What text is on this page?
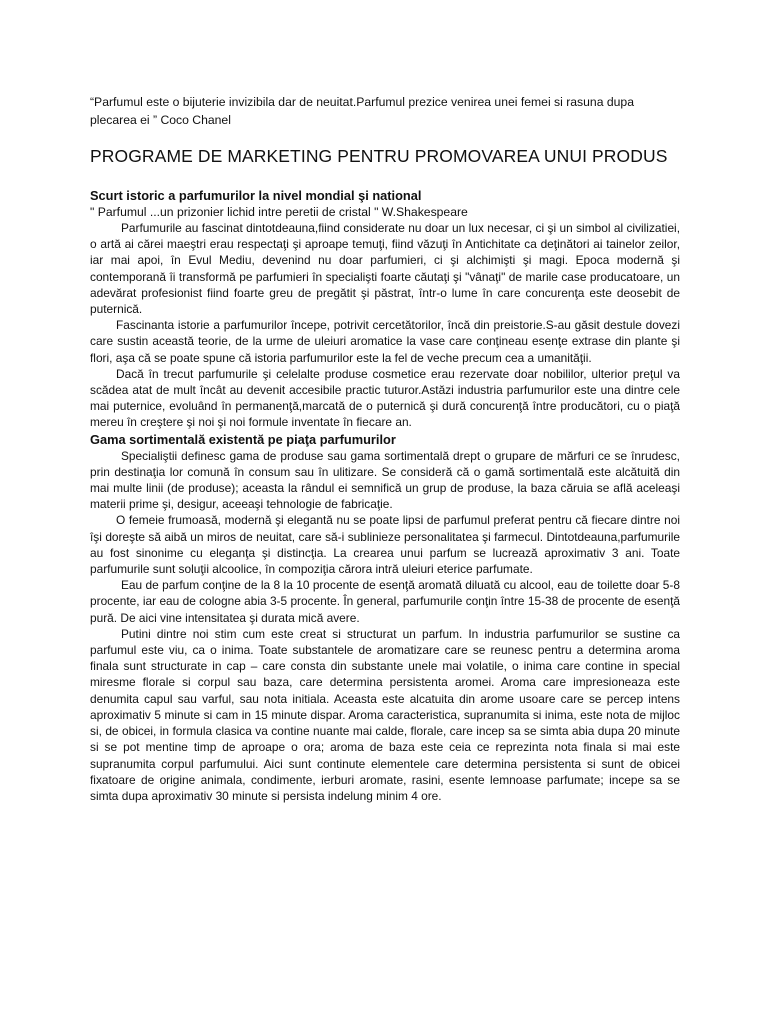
“Parfumul este o bijuterie invizibila dar de neuitat.Parfumul prezice venirea unei femei si rasuna dupa plecarea ei ” Coco Chanel

PROGRAME DE MARKETING PENTRU PROMOVAREA UNUI PRODUS
Scurt istoric a parfumurilor la nivel mondial şi national

" Parfumul ...un prizonier lichid intre peretii de cristal " W.Shakespeare

Parfumurile au fascinat dintotdeauna,fiind considerate nu doar un lux necesar, ci şi un simbol al civilizatiei, o artă ai cărei maeştri erau respectaţi şi aproape temuţi, fiind văzuţi în Antichitate ca deţinători ai tainelor zeilor, iar mai apoi, în Evul Mediu, devenind nu doar parfumieri, ci şi alchimişti şi magi. Epoca modernă şi contemporană îi transformă pe parfumieri în specialişti foarte căutaţi şi "vânaţi" de marile case producatoare, un adevărat profesionist fiind foarte greu de pregătit şi păstrat, într-o lume în care concurenţa este deosebit de puternică.

Fascinanta istorie a parfumurilor începe, potrivit cercetătorilor, încă din preistorie.S-au găsit destule dovezi care sustin această teorie, de la urme de uleiuri aromatice la vase care conţineau esenţe extrase din plante şi flori, aşa că se poate spune că istoria parfumurilor este la fel de veche precum cea a umanităţii.

Dacă în trecut parfumurile şi celelalte produse cosmetice erau rezervate doar nobililor, ulterior preţul va scădea atat de mult încât au devenit accesibile practic tuturor.Astăzi industria parfumurilor este una dintre cele mai puternice, evoluând în permanenţă,marcată de o puternică şi dură concurenţă între producători, cu o piaţă mereu în creştere şi noi şi noi formule inventate în fiecare an.

Gama sortimentală existentă pe piaţa parfumurilor

Specialiştii definesc gama de produse sau gama sortimentală drept o grupare de mărfuri ce se înrudesc, prin destinaţia lor comună în consum sau în ulitizare. Se consideră că o gamă sortimentală este alcătuită din mai multe linii (de produse); aceasta la rândul ei semnifică un grup de produse, la baza căruia se află aceleaşi materii prime şi, desigur, aceeaşi tehnologie de fabricaţie.

O femeie frumoasă, modernă şi elegantă nu se poate lipsi de parfumul preferat pentru că fiecare dintre noi îşi doreşte să aibă un miros de neuitat, care să-i sublinieze personalitatea şi farmecul. Dintotdeauna,parfumurile au fost sinonime cu eleganţa şi distincţia. La crearea unui parfum se lucrează aproximativ 3 ani. Toate parfumurile sunt soluţii alcoolice, în compoziţia cărora intră uleiuri eterice parfumate.

Eau de parfum conţine de la 8 la 10 procente de esenţă aromată diluată cu alcool, eau de toilette doar 5-8 procente, iar eau de cologne abia 3-5 procente. În general, parfumurile conţin între 15-38 de procente de esenţă pură. De aici vine intensitatea şi durata mică avere.

Putini dintre noi stim cum este creat si structurat un parfum. In industria parfumurilor se sustine ca parfumul este viu, ca o inima. Toate substantele de aromatizare care se reunesc pentru a determina aroma finala sunt structurate in cap – care consta din substante unele mai volatile, o inima care contine in special miresme florale si corpul sau baza, care determina persistenta aromei. Aroma care impresioneaza este denumita capul sau varful, sau nota initiala. Aceasta este alcatuita din arome usoare care se percep intens aproximativ 5 minute si cam in 15 minute dispar. Aroma caracteristica, supranumita si inima, este nota de mijloc si, de obicei, in formula clasica va contine nuante mai calde, florale, care incep sa se simta abia dupa 20 minute si se pot mentine timp de aproape o ora; aroma de baza este ceia ce reprezinta nota finala si mai este supranumita corpul parfumului. Aici sunt continute elementele care determina persistenta si sunt de obicei fixatoare de origine animala, condimente, ierburi aromate, rasini, esente lemnoase parfumate; incepe sa se simta dupa aproximativ 30 minute si persista indelung minim 4 ore.
